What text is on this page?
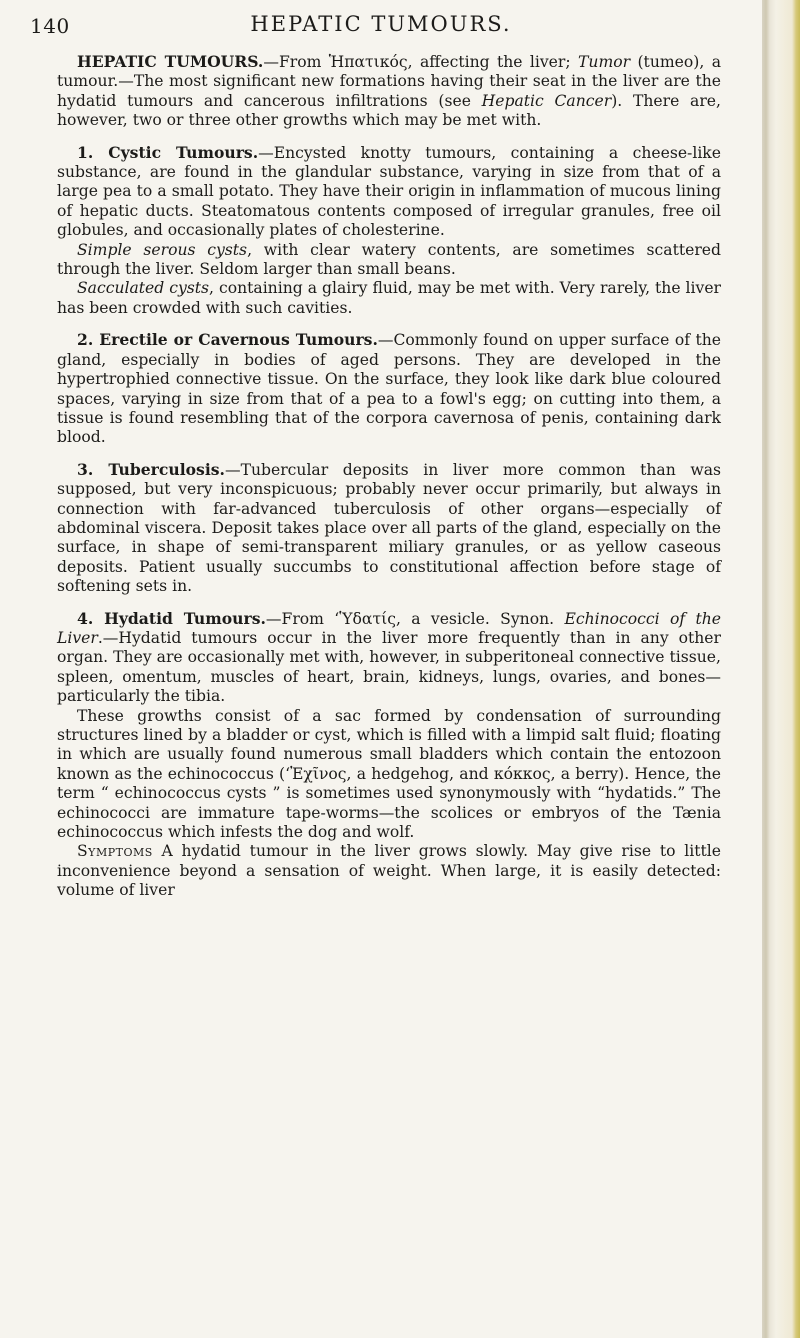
140	HEPATIC TUMOURS.

HEPATIC TUMOURS.—From Ἡπατικός, affecting the liver; Tumor (tumeo), a tumour.—The most significant new formations having their seat in the liver are the hydatid tumours and cancerous infiltrations (see Hepatic Cancer). There are, however, two or three other growths which may be met with.

1. Cystic Tumours.—Encysted knotty tumours, containing a cheese-like substance, are found in the glandular substance, varying in size from that of a large pea to a small potato. They have their origin in inflammation of mucous lining of hepatic ducts. Steatomatous contents composed of irregular granules, free oil globules, and occasionally plates of cholesterine.

Simple serous cysts, with clear watery contents, are sometimes scattered through the liver. Seldom larger than small beans.

Sacculated cysts, containing a glairy fluid, may be met with. Very rarely, the liver has been crowded with such cavities.

2. Erectile or Cavernous Tumours.—Commonly found on upper surface of the gland, especially in bodies of aged persons. They are developed in the hypertrophied connective tissue. On the surface, they look like dark blue coloured spaces, varying in size from that of a pea to a fowl's egg; on cutting into them, a tissue is found resembling that of the corpora cavernosa of penis, containing dark blood.

3. Tuberculosis.—Tubercular deposits in liver more common than was supposed, but very inconspicuous; probably never occur primarily, but always in connection with far-advanced tuberculosis of other organs—especially of abdominal viscera. Deposit takes place over all parts of the gland, especially on the surface, in shape of semi-transparent miliary granules, or as yellow caseous deposits. Patient usually succumbs to constitutional affection before stage of softening sets in.

4. Hydatid Tumours.—From ‘Ὑδατίς, a vesicle. Synon. Echinococci of the Liver.—Hydatid tumours occur in the liver more frequently than in any other organ. They are occasionally met with, however, in subperitoneal connective tissue, spleen, omentum, muscles of heart, brain, kidneys, lungs, ovaries, and bones—particularly the tibia.

These growths consist of a sac formed by condensation of surrounding structures lined by a bladder or cyst, which is filled with a limpid salt fluid; floating in which are usually found numerous small bladders which contain the entozoon known as the echinococcus (‘Ἐχῖνος, a hedgehog, and κόκκος, a berry). Hence, the term “ echinococcus cysts ” is sometimes used synonymously with “hydatids.” The echinococci are immature tape-worms—the scolices or embryos of the Tænia echinococcus which infests the dog and wolf.

Symptoms A hydatid tumour in the liver grows slowly. May give rise to little inconvenience beyond a sensation of weight. When large, it is easily detected: volume of liver
